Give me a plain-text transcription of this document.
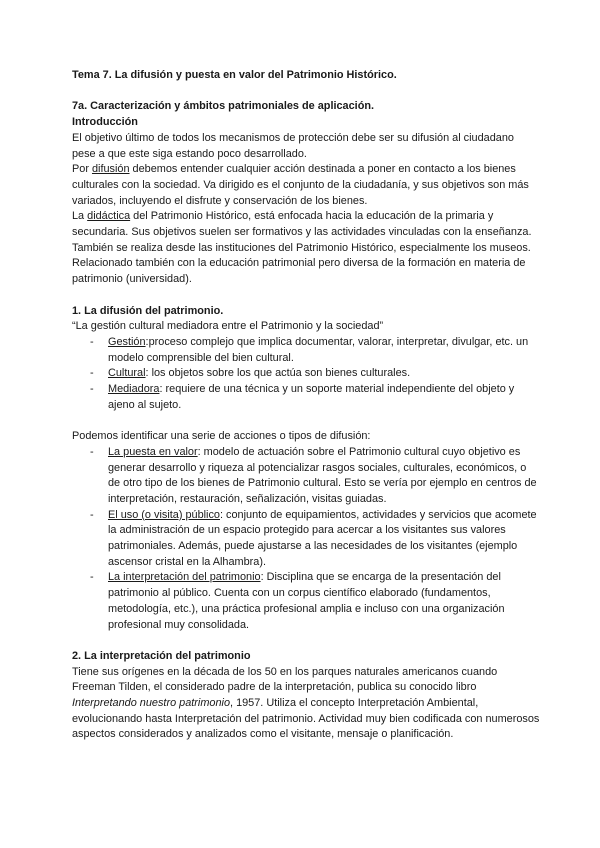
Tema 7. La difusión y puesta en valor del Patrimonio Histórico.

7a. Caracterización y ámbitos patrimoniales de aplicación.

Introducción

El objetivo último de todos los mecanismos de protección debe ser su difusión al ciudadano pese a que este siga estando poco desarrollado.

Por difusión debemos entender cualquier acción destinada a poner en contacto a los bienes culturales con la sociedad. Va dirigido es el conjunto de la ciudadanía, y sus objetivos son más variados, incluyendo el disfrute y conservación de los bienes.

La didáctica del Patrimonio Histórico, está enfocada hacia la educación de la primaria y secundaria. Sus objetivos suelen ser formativos y las actividades vinculadas con la enseñanza. También se realiza desde las instituciones del Patrimonio Histórico, especialmente los museos. Relacionado también con la educación patrimonial pero diversa de la formación en materia de patrimonio (universidad).

1. La difusión del patrimonio.

“La gestión cultural mediadora entre el Patrimonio y la sociedad”

- Gestión:proceso complejo que implica documentar, valorar, interpretar, divulgar, etc. un modelo comprensible del bien cultural.
- Cultural: los objetos sobre los que actúa son bienes culturales.
- Mediadora: requiere de una técnica y un soporte material independiente del objeto y ajeno al sujeto.

Podemos identificar una serie de acciones o tipos de difusión:

- La puesta en valor: modelo de actuación sobre el Patrimonio cultural cuyo objetivo es generar desarrollo y riqueza al potencializar rasgos sociales, culturales, económicos, o de otro tipo de los bienes de Patrimonio cultural. Esto se vería por ejemplo en centros de interpretación, restauración, señalización, visitas guiadas.
- El uso (o visita) público: conjunto de equipamientos, actividades y servicios que acomete la administración de un espacio protegido para acercar a los visitantes sus valores patrimoniales. Además, puede ajustarse a las necesidades de los visitantes (ejemplo ascensor cristal en la Alhambra).
- La interpretación del patrimonio: Disciplina que se encarga de la presentación del patrimonio al público. Cuenta con un corpus científico elaborado (fundamentos, metodología, etc.), una práctica profesional amplia e incluso con una organización profesional muy consolidada.

2. La interpretación del patrimonio

Tiene sus orígenes en la década de los 50 en los parques naturales americanos cuando Freeman Tilden, el considerado padre de la interpretación, publica su conocido libro Interpretando nuestro patrimonio, 1957. Utiliza el concepto Interpretación Ambiental, evolucionando hasta Interpretación del patrimonio. Actividad muy bien codificada con numerosos aspectos considerados y analizados como el visitante, mensaje o planificación.
